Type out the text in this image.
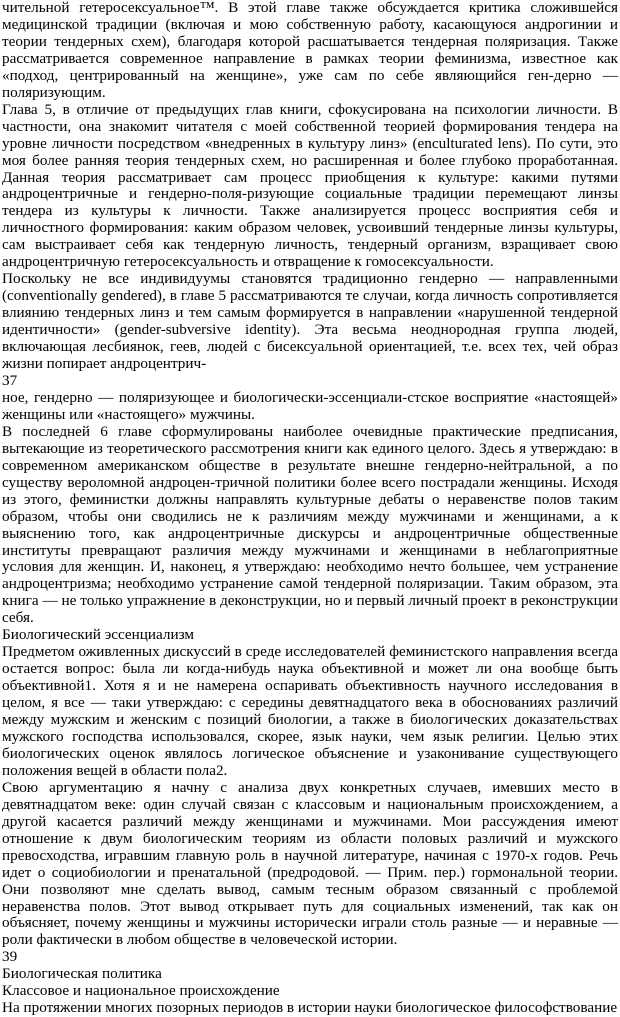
чительной гетеросексуальное™. В этой главе также обсуждается критика сложившейся медицинской традиции (включая и мою собственную работу, касающуюся андрогинии и теории тендерных схем), благодаря которой расшатывается тендерная поляризация. Также рассматривается современное направление в рамках теории феминизма, известное как «подход, центрированный на женщине», уже сам по себе являющийся ген-дерно — поляризующим.

Глава 5, в отличие от предыдущих глав книги, сфокусирована на психологии личности. В частности, она знакомит читателя с моей собственной теорией формирования тендера на уровне личности посредством «внедренных в культуру линз» (enculturated lens). По сути, это моя более ранняя теория тендерных схем, но расширенная и более глубоко проработанная. Данная теория рассматривает сам процесс приобщения к культуре: какими путями андроцентричные и гендерно-поля-ризующие социальные традиции перемещают линзы тендера из культуры к личности. Также анализируется процесс восприятия себя и личностного формирования: каким образом человек, усвоивший тендерные линзы культуры, сам выстраивает себя как тендерную личность, тендерный организм, взращивает свою андроцентричную гетеросексуальность и отвращение к гомосексуальности.

Поскольку не все индивидуумы становятся традиционно гендерно — направленными (conventionally gendered), в главе 5 рассматриваются те случаи, когда личность сопротивляется влиянию тендерных линз и тем самым формируется в направлении «нарушенной тендерной идентичности» (gender-subversive identity). Эта весьма неоднородная группа людей, включающая лесбиянок, геев, людей с бисексуальной ориентацией, т.е. всех тех, чей образ жизни попирает андроцентрич-

37

ное, гендерно — поляризующее и биологически-эссенциали-стское восприятие «настоящей» женщины или «настоящего» мужчины.

В последней 6 главе сформулированы наиболее очевидные практические предписания, вытекающие из теоретического рассмотрения книги как единого целого. Здесь я утверждаю: в современном американском обществе в результате внешне гендерно-нейтральной, а по существу вероломной андроцен-тричной политики более всего пострадали женщины. Исходя из этого, феминистки должны направлять культурные дебаты о неравенстве полов таким образом, чтобы они сводились не к различиям между мужчинами и женщинами, а к выяснению того, как андроцентричные дискурсы и андроцентричные общественные институты превращают различия между мужчинами и женщинами в неблагоприятные условия для женщин. И, наконец, я утверждаю: необходимо нечто большее, чем устранение андроцентризма; необходимо устранение самой тендерной поляризации. Таким образом, эта книга — не только упражнение в деконструкции, но и первый личный проект в реконструкции себя.

Биологический эссенциализм

Предметом оживленных дискуссий в среде исследователей феминистского направления всегда остается вопрос: была ли когда-нибудь наука объективной и может ли она вообще быть объективной1. Хотя я и не намерена оспаривать объективность научного исследования в целом, я все — таки утверждаю: с середины девятнадцатого века в обоснованиях различий между мужским и женским с позиций биологии, а также в биологических доказательствах мужского господства использовался, скорее, язык науки, чем язык религии. Целью этих биологических оценок являлось логическое объяснение и узаконивание существующего положения вещей в области пола2.

Свою аргументацию я начну с анализа двух конкретных случаев, имевших место в девятнадцатом веке: один случай связан с классовым и национальным происхождением, а другой касается различий между женщинами и мужчинами. Мои рассуждения имеют отношение к двум биологическим теориям из области половых различий и мужского превосходства, игравшим главную роль в научной литературе, начиная с 1970-х годов. Речь идет о социобиологии и пренатальной (предродовой. — Прим. пер.) гормональной теории. Они позволяют мне сделать вывод, самым тесным образом связанный с проблемой неравенства полов. Этот вывод открывает путь для социальных изменений, так как он объясняет, почему женщины и мужчины исторически играли столь разные — и неравные — роли фактически в любом обществе в человеческой истории.

39
Биологическая политика
Классовое и национальное происхождение

На протяжении многих позорных периодов в истории науки биологическое философствование
